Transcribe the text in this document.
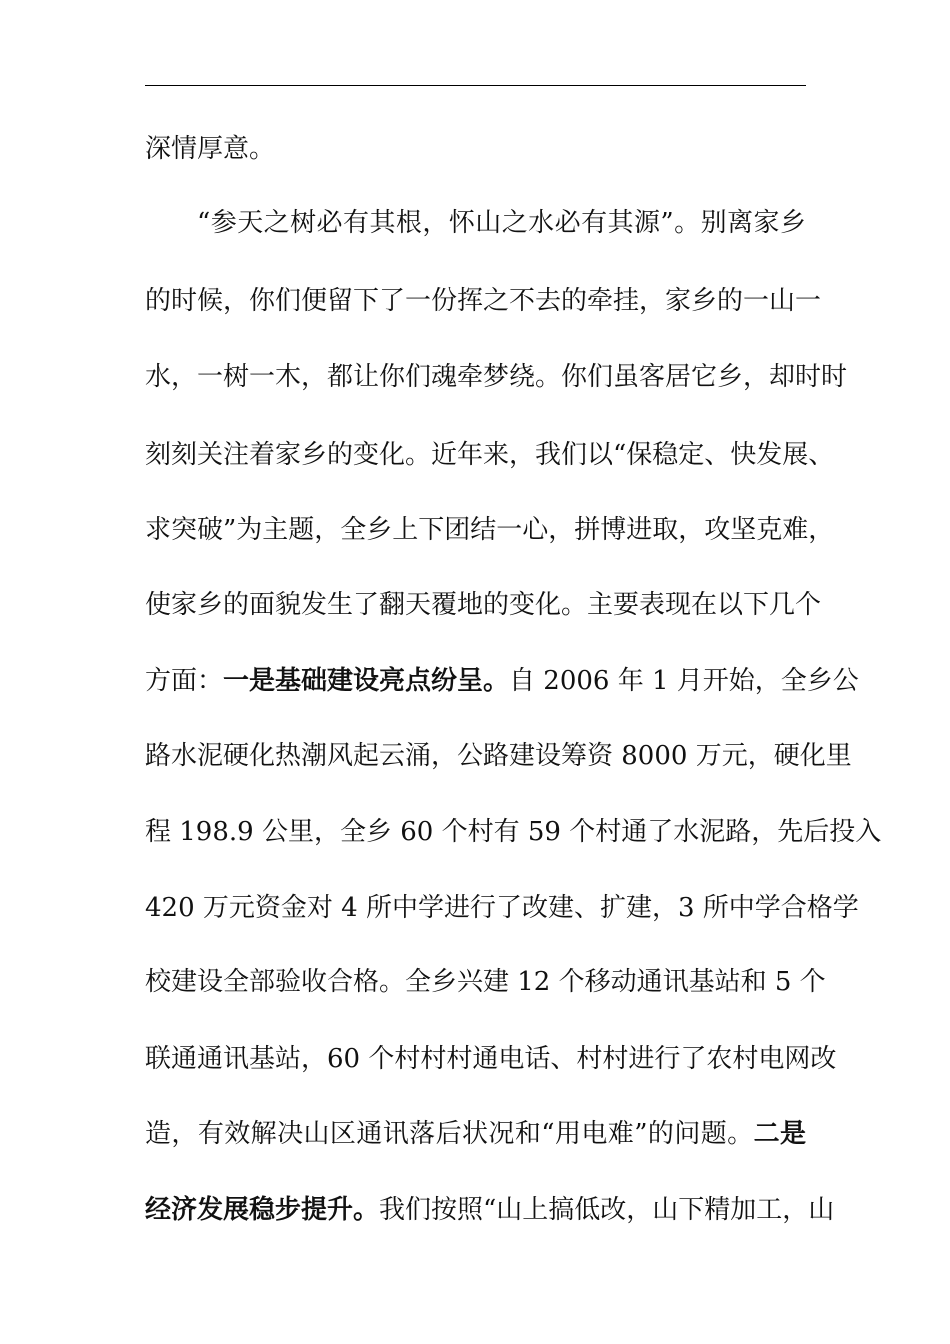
深情厚意。
“参天之树必有其根，怀山之水必有其源”。别离家乡
的时候，你们便留下了一份挥之不去的牵挂，家乡的一山一
水，一树一木，都让你们魂牵梦绕。你们虽客居它乡，却时时
刻刻关注着家乡的变化。近年来，我们以“保稳定、快发展、
求突破”为主题，全乡上下团结一心，拼博进取，攻坚克难，
使家乡的面貌发生了翻天覆地的变化。主要表现在以下几个
方面：一是基础建设亮点纷呈。自 2006 年 1 月开始，全乡公
路水泥硬化热潮风起云涌，公路建设筹资 8000 万元，硬化里
程 198.9 公里，全乡 60 个村有 59 个村通了水泥路，先后投入
420 万元资金对 4 所中学进行了改建、扩建，3 所中学合格学
校建设全部验收合格。全乡兴建 12 个移动通讯基站和 5 个
联通通讯基站，60 个村村村通电话、村村进行了农村电网改
造，有效解决山区通讯落后状况和“用电难”的问题。二是
经济发展稳步提升。我们按照“山上搞低改，山下精加工，山
